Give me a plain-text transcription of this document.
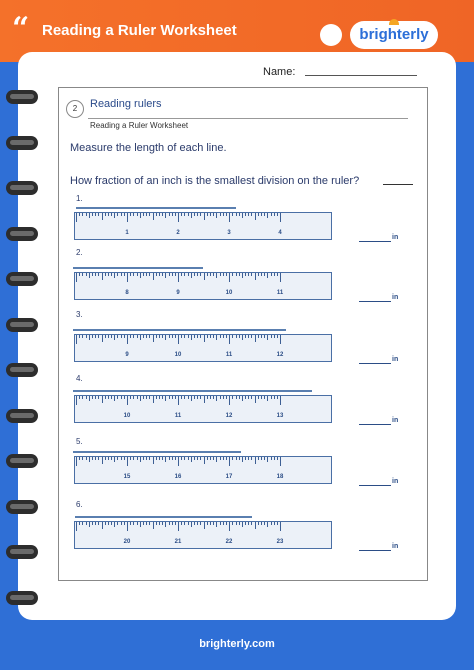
“ Reading a Ruler Worksheet	brighterly
Name:
2	Reading rulers
Reading a Ruler Worksheet
Measure the length of each line.
How fraction of an inch is the smallest division on the ruler?
1.
1	2	3	4
in
2.
8	9	10	11
in
3.
9	10	11	12
in
4.
10	11	12	13
in
5.
15	16	17	18
in
6.
20	21	22	23
in
brighterly.com
